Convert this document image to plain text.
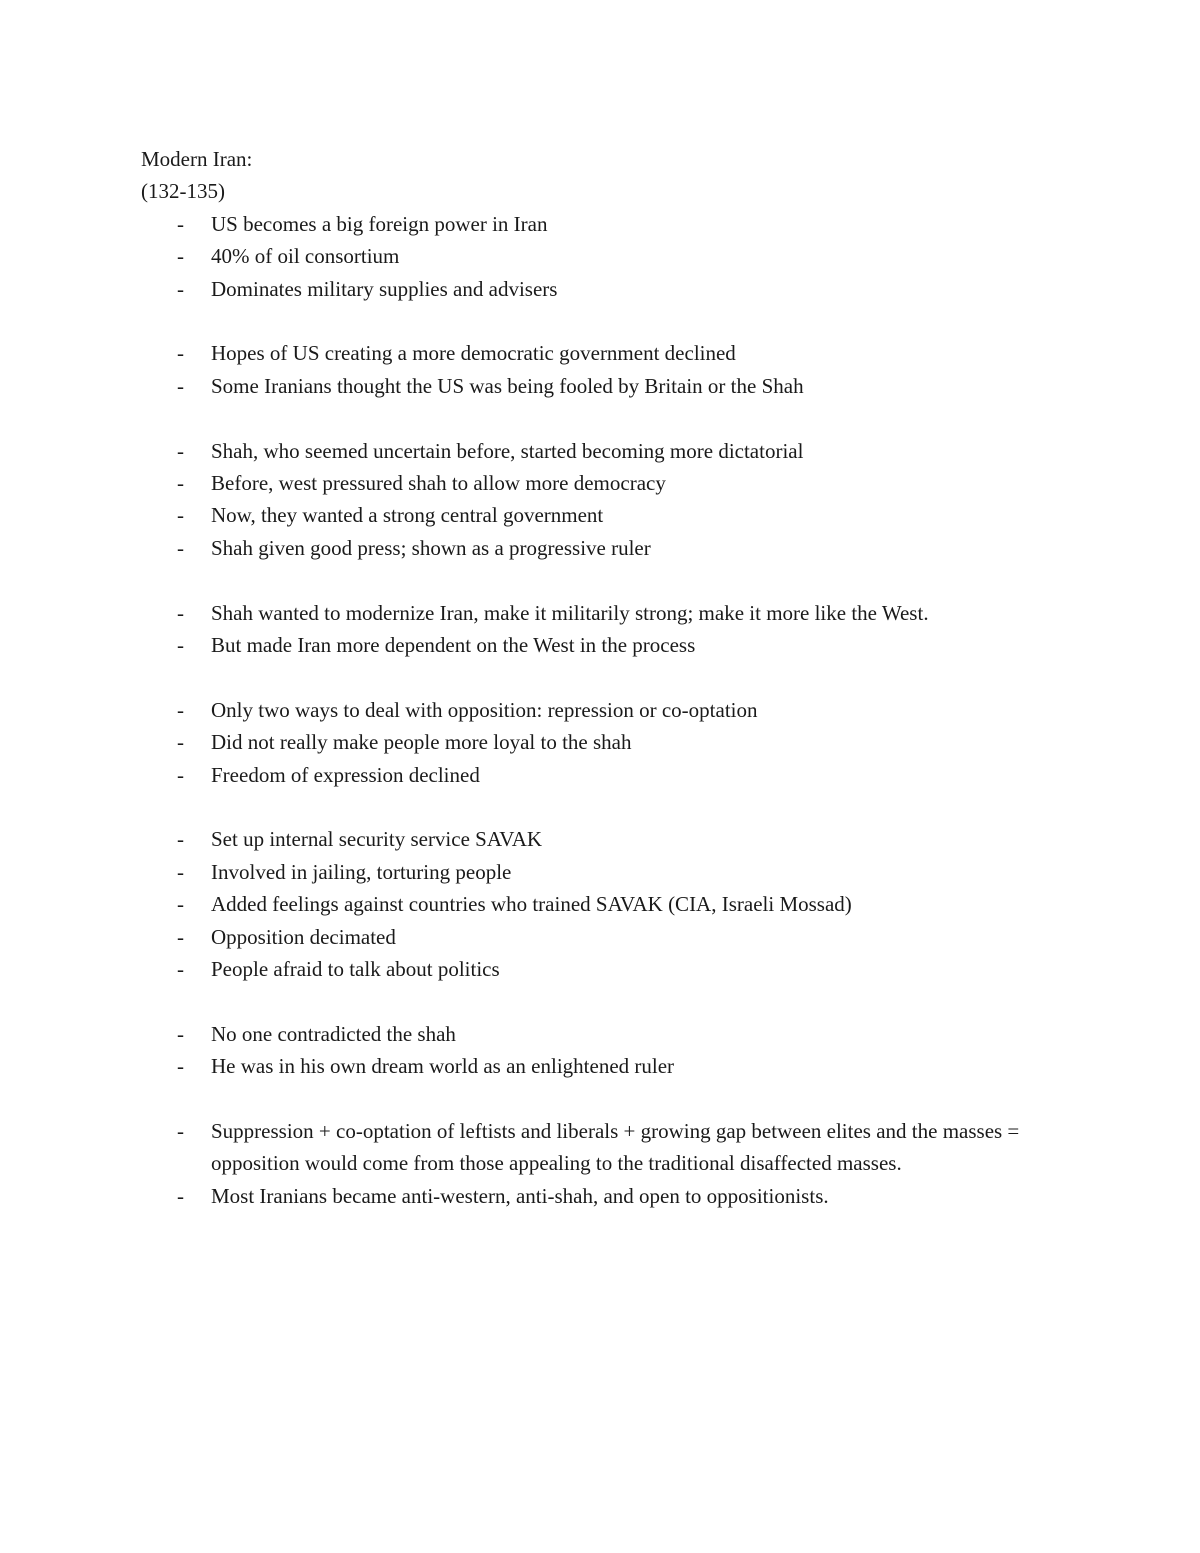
Modern Iran:
(132-135)
- US becomes a big foreign power in Iran
- 40% of oil consortium
- Dominates military supplies and advisers
- Hopes of US creating a more democratic government declined
- Some Iranians thought the US was being fooled by Britain or the Shah
- Shah, who seemed uncertain before, started becoming more dictatorial
- Before, west pressured shah to allow more democracy
- Now, they wanted a strong central government
- Shah given good press; shown as a progressive ruler
- Shah wanted to modernize Iran, make it militarily strong; make it more like the West.
- But made Iran more dependent on the West in the process
- Only two ways to deal with opposition: repression or co-optation
- Did not really make people more loyal to the shah
- Freedom of expression declined
- Set up internal security service SAVAK
- Involved in jailing, torturing people
- Added feelings against countries who trained SAVAK (CIA, Israeli Mossad)
- Opposition decimated
- People afraid to talk about politics
- No one contradicted the shah
- He was in his own dream world as an enlightened ruler
- Suppression + co-optation of leftists and liberals + growing gap between elites and the masses = opposition would come from those appealing to the traditional disaffected masses.
- Most Iranians became anti-western, anti-shah, and open to oppositionists.
